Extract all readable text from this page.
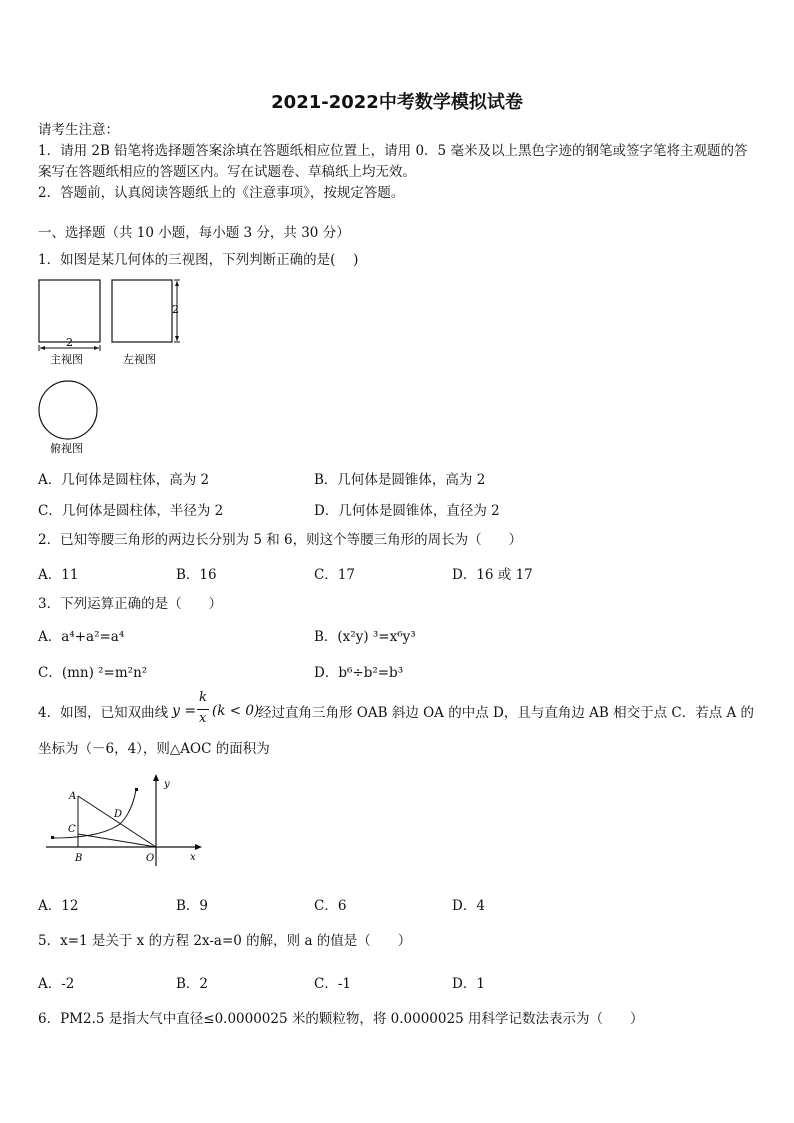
2021-2022中考数学模拟试卷
请考生注意：
1．请用 2B 铅笔将选择题答案涂填在答题纸相应位置上，请用 0．5 毫米及以上黑色字迹的钢笔或签字笔将主观题的答
案写在答题纸相应的答题区内。写在试题卷、草稿纸上均无效。
2．答题前，认真阅读答题纸上的《注意事项》，按规定答题。
一、选择题（共 10 小题，每小题 3 分，共 30 分）
1．如图是某几何体的三视图，下列判断正确的是(　 )
2
主视图
2
左视图
俯视图
A．几何体是圆柱体，高为 2	B．几何体是圆锥体，高为 2
C．几何体是圆柱体，半径为 2	D．几何体是圆锥体，直径为 2
2．已知等腰三角形的两边长分别为 5 和 6，则这个等腰三角形的周长为（　　）
A．11	B．16	C．17	D．16 或 17
3．下列运算正确的是（　　）
A．a⁴+a²=a⁴	B．(x²y) ³=x⁶y³
C．(mn) ²=m²n²	D．b⁶÷b²=b³
4．如图，已知双曲线 y =
k
x (k < 0)
经过直角三角形 OAB 斜边 OA 的中点 D，且与直角边 AB 相交于点 C．若点 A 的
坐标为（－6，4），则△AOC 的面积为
A
B
C
D
O	x
y
A．12	B．9	C．6	D．4
5．x=1 是关于 x 的方程 2x-a=0 的解，则 a 的值是（　　）
A．-2	B．2	C．-1	D．1
6．PM2.5 是指大气中直径≤0.0000025 米的颗粒物，将 0.0000025 用科学记数法表示为（　　）
